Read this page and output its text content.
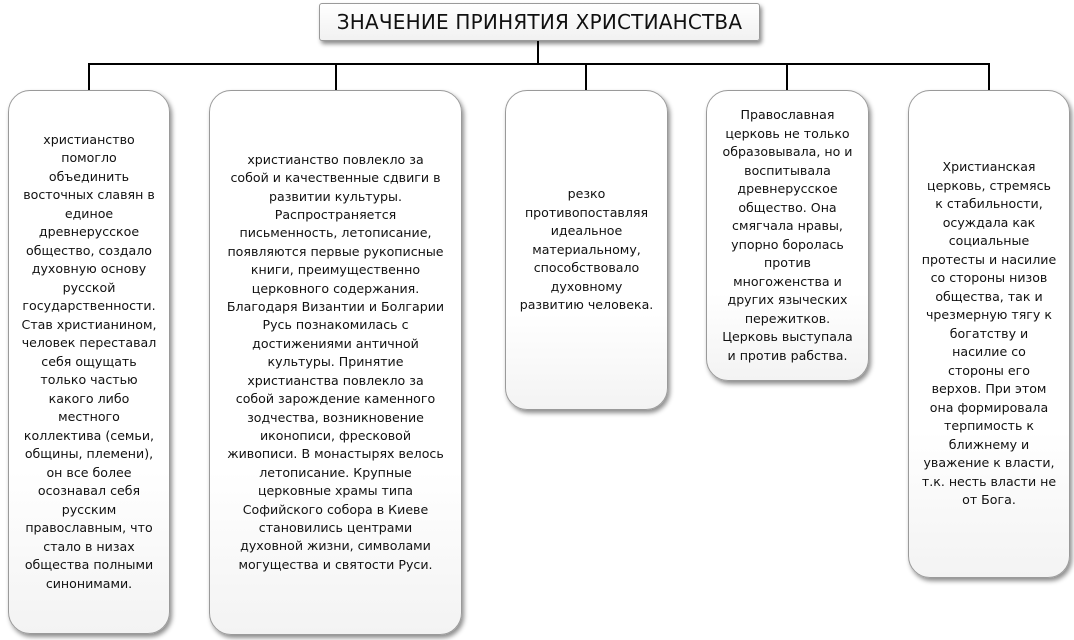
ЗНАЧЕНИЕ ПРИНЯТИЯ ХРИСТИАНСТВА
христианство
помогло
объединить
восточных славян в
единое
древнерусское
общество, создало
духовную основу
русской
государственности.
Став христианином,
человек переставал
себя ощущать
только частью
какого либо
местного
коллектива (семьи,
общины, племени),
он все более
осознавал себя
русским
православным, что
стало в низах
общества полными
синонимами.
христианство повлекло за
собой и качественные сдвиги в
развитии культуры.
Распространяется
письменность, летописание,
появляются первые рукописные
книги, преимущественно
церковного содержания.
Благодаря Византии и Болгарии
Русь познакомилась с
достижениями античной
культуры. Принятие
христианства повлекло за
собой зарождение каменного
зодчества, возникновение
иконописи, фресковой
живописи. В монастырях велось
летописание. Крупные
церковные храмы типа
Софийского собора в Киеве
становились центрами
духовной жизни, символами
могущества и святости Руси.
резко
противопоставляя
идеальное
материальному,
способствовало
духовному
развитию человека.
Православная
церковь не только
образовывала, но и
воспитывала
древнерусское
общество. Она
смягчала нравы,
упорно боролась
против
многоженства и
других языческих
пережитков.
Церковь выступала
и против рабства.
Христианская
церковь, стремясь
к стабильности,
осуждала как
социальные
протесты и насилие
со стороны низов
общества, так и
чрезмерную тягу к
богатству и
насилие со
стороны его
верхов. При этом
она формировала
терпимость к
ближнему и
уважение к власти,
т.к. несть власти не
от Бога.
